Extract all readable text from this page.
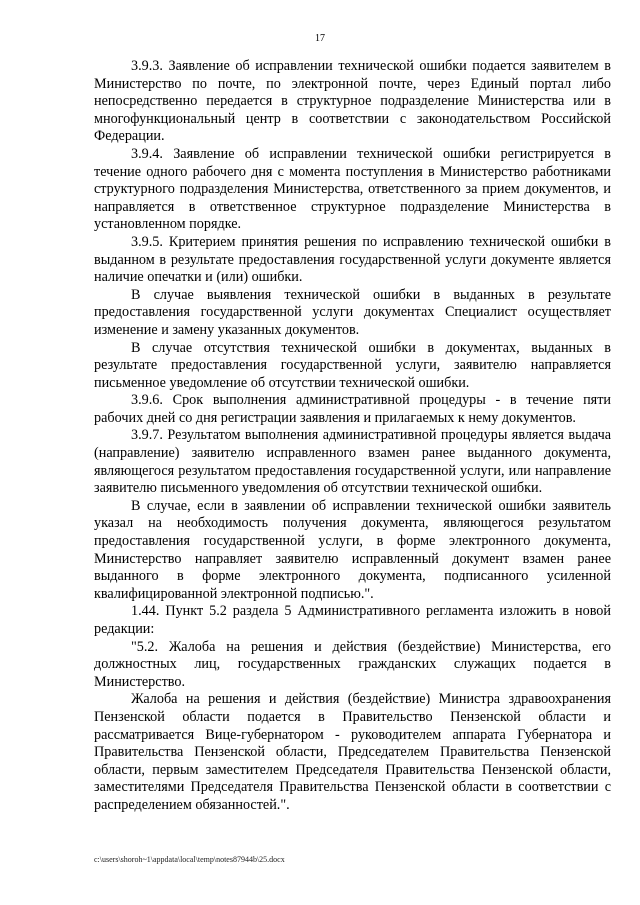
17

3.9.3. Заявление об исправлении технической ошибки подается заявителем в Министерство по почте, по электронной почте, через Единый портал либо непосредственно передается в структурное подразделение Министерства или в многофункциональный центр в соответствии с законодательством Российской Федерации.

3.9.4. Заявление об исправлении технической ошибки регистрируется в течение одного рабочего дня с момента поступления в Министерство работниками структурного подразделения Министерства, ответственного за прием документов, и направляется в ответственное структурное подразделение Министерства в установленном порядке.

3.9.5. Критерием принятия решения по исправлению технической ошибки в выданном в результате предоставления государственной услуги документе является наличие опечатки и (или) ошибки.

В случае выявления технической ошибки в выданных в результате предоставления государственной услуги документах Специалист осуществляет изменение и замену указанных документов.

В случае отсутствия технической ошибки в документах, выданных в результате предоставления государственной услуги, заявителю направляется письменное уведомление об отсутствии технической ошибки.

3.9.6. Срок выполнения административной процедуры - в течение пяти рабочих дней со дня регистрации заявления и прилагаемых к нему документов.

3.9.7. Результатом выполнения административной процедуры является выдача (направление) заявителю исправленного взамен ранее выданного документа, являющегося результатом предоставления государственной услуги, или направление заявителю письменного уведомления об отсутствии технической ошибки.

В случае, если в заявлении об исправлении технической ошибки заявитель указал на необходимость получения документа, являющегося результатом предоставления государственной услуги, в форме электронного документа, Министерство направляет заявителю исправленный документ взамен ранее выданного в форме электронного документа, подписанного усиленной квалифицированной электронной подписью.".

1.44. Пункт 5.2 раздела 5 Административного регламента изложить в новой редакции:

"5.2. Жалоба на решения и действия (бездействие) Министерства, его должностных лиц, государственных гражданских служащих подается в Министерство.

Жалоба на решения и действия (бездействие) Министра здравоохранения Пензенской области подается в Правительство Пензенской области и рассматривается Вице-губернатором - руководителем аппарата Губернатора и Правительства Пензенской области, Председателем Правительства Пензенской области, первым заместителем Председателя Правительства Пензенской области, заместителями Председателя Правительства Пензенской области в соответствии с распределением обязанностей.".

c:\users\shoroh~1\appdata\local\temp\notes87944b\25.docx
